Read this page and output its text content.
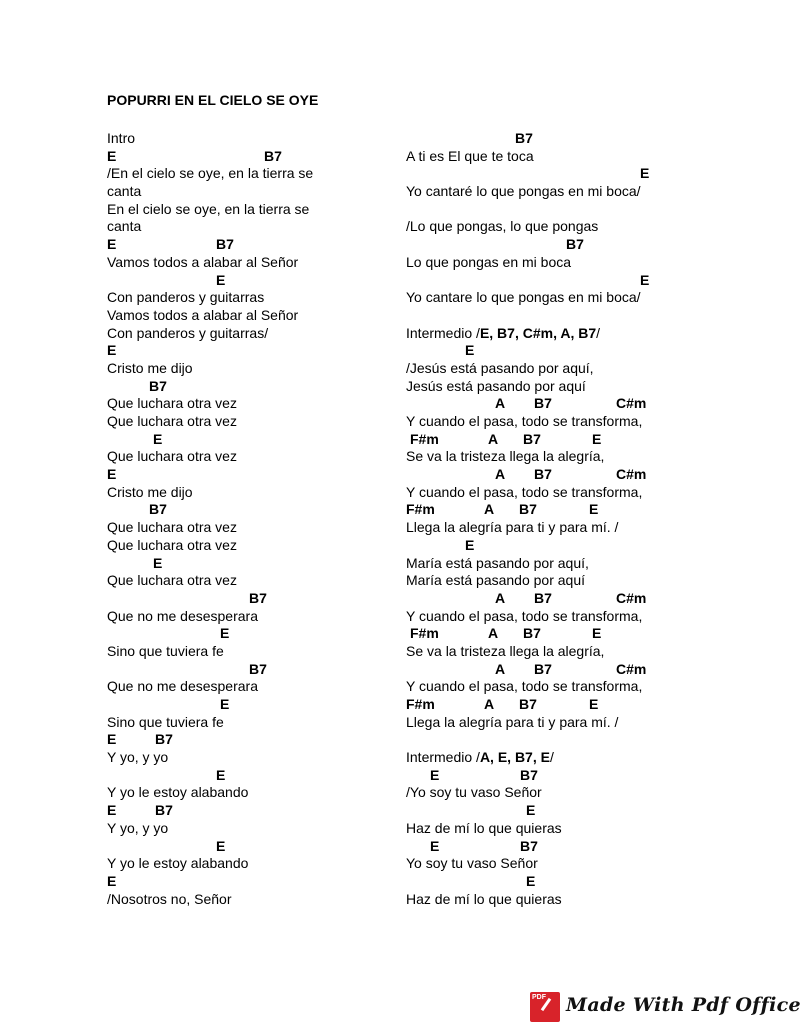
POPURRI EN EL CIELO SE OYE
Intro
E	B7
/En el cielo se oye, en la tierra se
canta
En el cielo se oye, en la tierra se
canta
E	B7
Vamos todos a alabar al Señor
E
Con panderos y guitarras
Vamos todos a alabar al Señor
Con panderos y guitarras/
E
Cristo me dijo
B7
Que luchara otra vez
Que luchara otra vez
E
Que luchara otra vez
E
Cristo me dijo
B7
Que luchara otra vez
Que luchara otra vez
E
Que luchara otra vez
B7
Que no me desesperara
E
Sino que tuviera fe
B7
Que no me desesperara
E
Sino que tuviera fe
E	B7
Y yo, y yo
E
Y yo le estoy alabando
E	B7
Y yo, y yo
E
Y yo le estoy alabando
E
/Nosotros no, Señor
B7
A ti es El que te toca
E
Yo cantaré lo que pongas en mi boca/
/Lo que pongas, lo que pongas
B7
Lo que pongas en mi boca
E
Yo cantare lo que pongas en mi boca/
Intermedio /E, B7, C#m, A, B7/
E
/Jesús está pasando por aquí,
Jesús está pasando por aquí
A B7	C#m
Y cuando el pasa, todo se transforma,
F#m	A B7	E
Se va la tristeza llega la alegría,
A B7	C#m
Y cuando el pasa, todo se transforma,
F#m	A B7	E
Llega la alegría para ti y para mí. /
E
María está pasando por aquí,
María está pasando por aquí
A B7	C#m
Y cuando el pasa, todo se transforma,
F#m	A B7	E
Se va la tristeza llega la alegría,
A B7	C#m
Y cuando el pasa, todo se transforma,
F#m	A B7	E
Llega la alegría para ti y para mí. /
Intermedio /A, E, B7, E/
E	B7
/Yo soy tu vaso Señor
E
Haz de mí lo que quieras
E	B7
Yo soy tu vaso Señor
E
Haz de mí lo que quieras
PDF Made With Pdf Office
